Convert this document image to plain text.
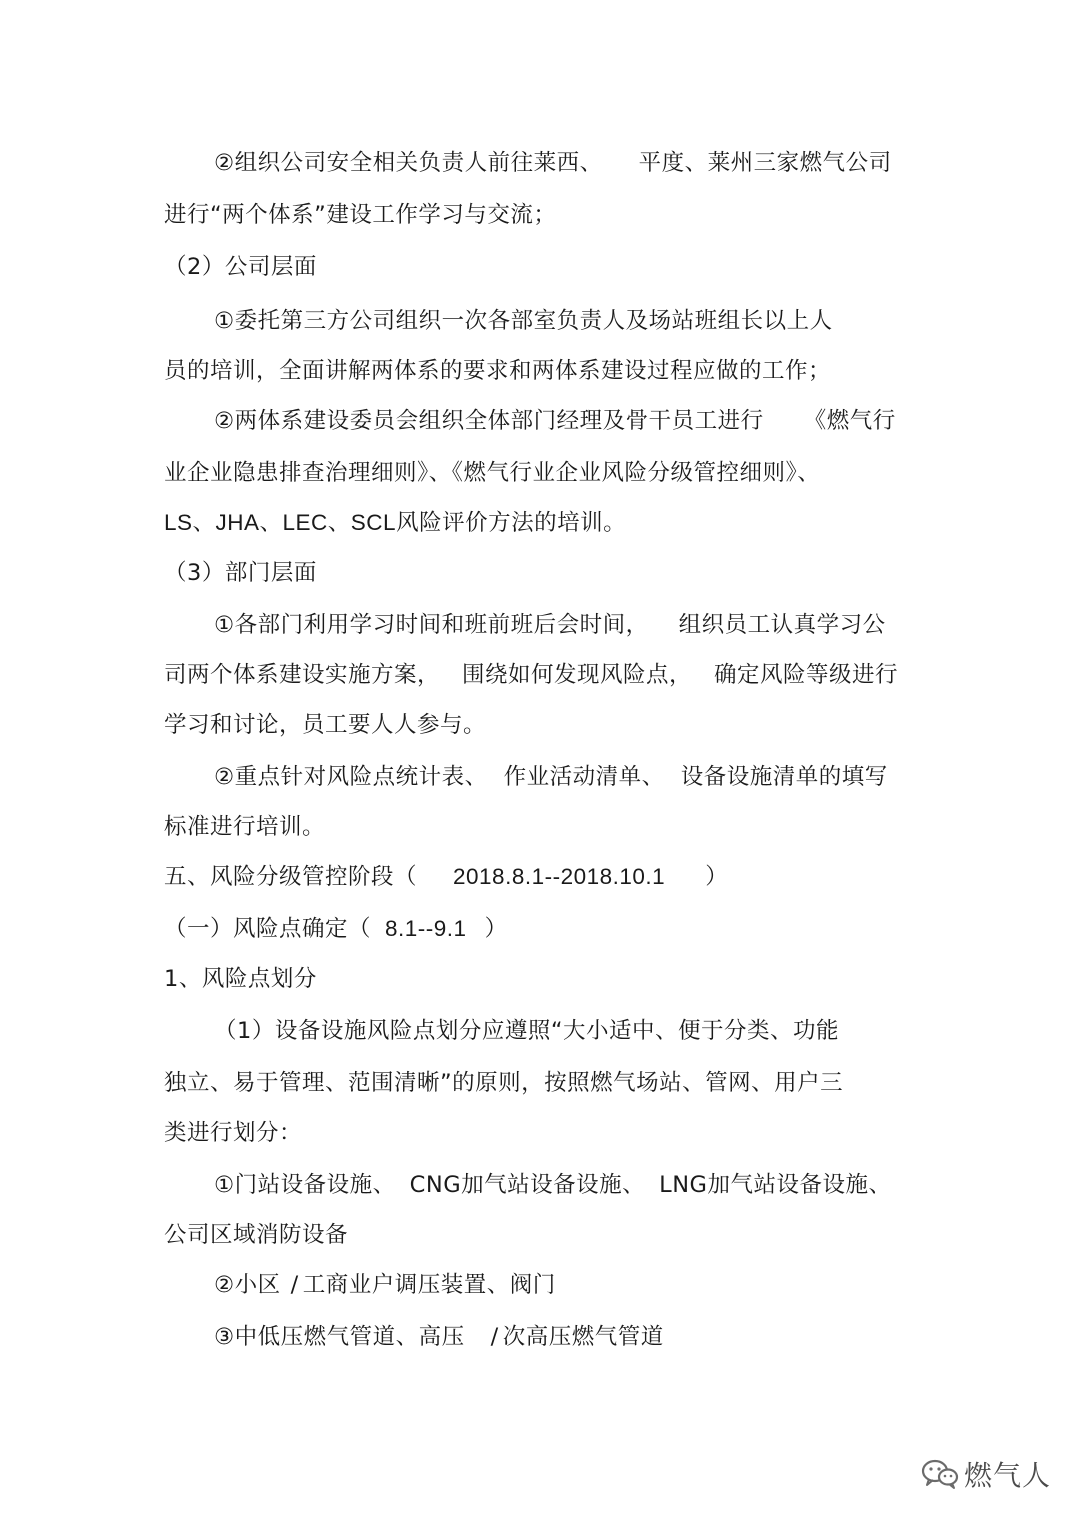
②组织公司安全相关负责人前往莱西、 平度、莱州三家燃气公司
进行“两个体系”建设工作学习与交流；
（2）公司层面
①委托第三方公司组织一次各部室负责人及场站班组长以上人
员的培训，全面讲解两体系的要求和两体系建设过程应做的工作；
②两体系建设委员会组织全体部门经理及骨干员工进行 《燃气行
业企业隐患排查治理细则》、《燃气行业企业风险分级管控细则》、
LS、JHA、LEC、SCL风险评价方法的培训。
（3）部门层面
①各部门利用学习时间和班前班后会时间， 组织员工认真学习公
司两个体系建设实施方案， 围绕如何发现风险点， 确定风险等级进行
学习和讨论，员工要人人参与。
②重点针对风险点统计表、 作业活动清单、 设备设施清单的填写
标准进行培训。
五、风险分级管控阶段（ 2018.8.1--2018.10.1 ）
（一）风险点确定（ 8.1--9.1 ）
1、风险点划分
（1）设备设施风险点划分应遵照“大小适中、便于分类、功能
独立、易于管理、范围清晰”的原则，按照燃气场站、管网、用户三
类进行划分：
①门站设备设施、 CNG加气站设备设施、 LNG加气站设备设施、
公司区域消防设备
②小区 / 工商业户调压装置、阀门
③中低压燃气管道、高压 / 次高压燃气管道
燃气人
